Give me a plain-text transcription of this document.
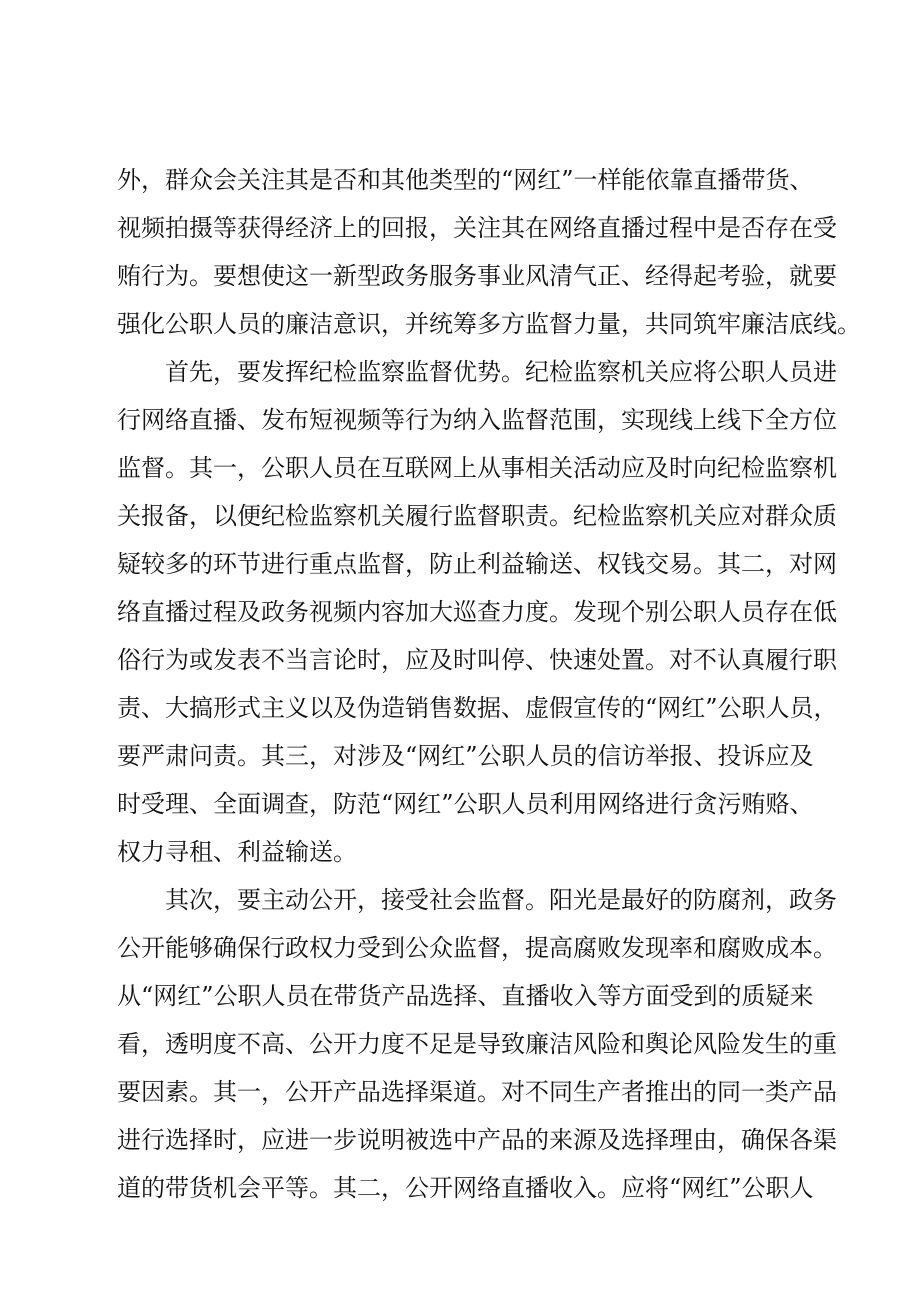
外，群众会关注其是否和其他类型的“网红”一样能依靠直播带货、
视频拍摄等获得经济上的回报，关注其在网络直播过程中是否存在受
贿行为。要想使这一新型政务服务事业风清气正、经得起考验，就要
强化公职人员的廉洁意识，并统筹多方监督力量，共同筑牢廉洁底线。
首先，要发挥纪检监察监督优势。纪检监察机关应将公职人员进
行网络直播、发布短视频等行为纳入监督范围，实现线上线下全方位
监督。其一，公职人员在互联网上从事相关活动应及时向纪检监察机
关报备，以便纪检监察机关履行监督职责。纪检监察机关应对群众质
疑较多的环节进行重点监督，防止利益输送、权钱交易。其二，对网
络直播过程及政务视频内容加大巡查力度。发现个别公职人员存在低
俗行为或发表不当言论时，应及时叫停、快速处置。对不认真履行职
责、大搞形式主义以及伪造销售数据、虚假宣传的“网红”公职人员，
要严肃问责。其三，对涉及“网红”公职人员的信访举报、投诉应及
时受理、全面调查，防范“网红”公职人员利用网络进行贪污贿赂、
权力寻租、利益输送。
其次，要主动公开，接受社会监督。阳光是最好的防腐剂，政务
公开能够确保行政权力受到公众监督，提高腐败发现率和腐败成本。
从“网红”公职人员在带货产品选择、直播收入等方面受到的质疑来
看，透明度不高、公开力度不足是导致廉洁风险和舆论风险发生的重
要因素。其一，公开产品选择渠道。对不同生产者推出的同一类产品
进行选择时，应进一步说明被选中产品的来源及选择理由，确保各渠
道的带货机会平等。其二，公开网络直播收入。应将“网红”公职人
